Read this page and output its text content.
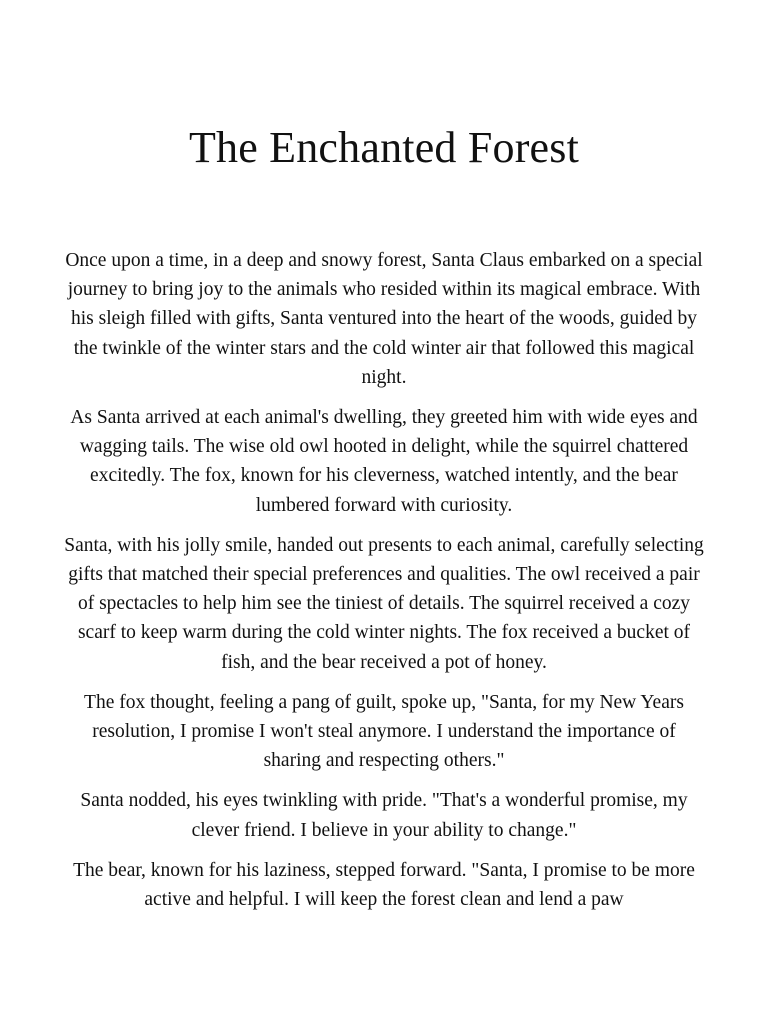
The Enchanted Forest

Once upon a time, in a deep and snowy forest, Santa Claus embarked on a special journey to bring joy to the animals who resided within its magical embrace. With his sleigh filled with gifts, Santa ventured into the heart of the woods, guided by the twinkle of the winter stars and the cold winter air that followed this magical night.

As Santa arrived at each animal's dwelling, they greeted him with wide eyes and wagging tails. The wise old owl hooted in delight, while the squirrel chattered excitedly. The fox, known for his cleverness, watched intently, and the bear lumbered forward with curiosity.

Santa, with his jolly smile, handed out presents to each animal, carefully selecting gifts that matched their special preferences and qualities. The owl received a pair of spectacles to help him see the tiniest of details. The squirrel received a cozy scarf to keep warm during the cold winter nights. The fox received a bucket of fish, and the bear received a pot of honey.

The fox thought, feeling a pang of guilt, spoke up, "Santa, for my New Years resolution, I promise I won't steal anymore. I understand the importance of sharing and respecting others."

Santa nodded, his eyes twinkling with pride. "That's a wonderful promise, my clever friend. I believe in your ability to change."

The bear, known for his laziness, stepped forward. "Santa, I promise to be more active and helpful. I will keep the forest clean and lend a paw
